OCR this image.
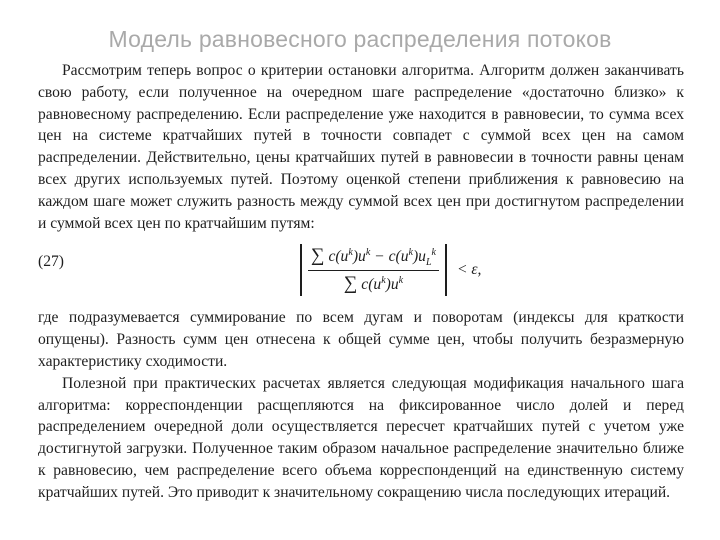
Модель равновесного распределения потоков

Рассмотрим теперь вопрос о критерии остановки алгоритма. Алгоритм должен заканчивать свою работу, если полученное на очередном шаге распределение «достаточно близко» к равновесному распределению. Если распределение уже находится в равновесии, то сумма всех цен на системе кратчайших путей в точности совпадет с суммой всех цен на самом распределении. Действительно, цены кратчайших путей в равновесии в точности равны ценам всех других используемых путей. Поэтому оценкой степени приближения к равновесию на каждом шаге может служить разность между суммой всех цен при достигнутом распределении и суммой всех цен по кратчайшим путям:

(27)	$\frac{\sum c(u^k)u^k - c(u^k)u_L^k}{\sum c(u^k)u^k} < \varepsilon$,

где подразумевается суммирование по всем дугам и поворотам (индексы для краткости опущены). Разность сумм цен отнесена к общей сумме цен, чтобы получить безразмерную характеристику сходимости.

Полезной при практических расчетах является следующая модификация начального шага алгоритма: корреспонденции расщепляются на фиксированное число долей и перед распределением очередной доли осуществляется пересчет кратчайших путей с учетом уже достигнутой загрузки. Полученное таким образом начальное распределение значительно ближе к равновесию, чем распределение всего объема корреспонденций на единственную систему кратчайших путей. Это приводит к значительному сокращению числа последующих итераций.
